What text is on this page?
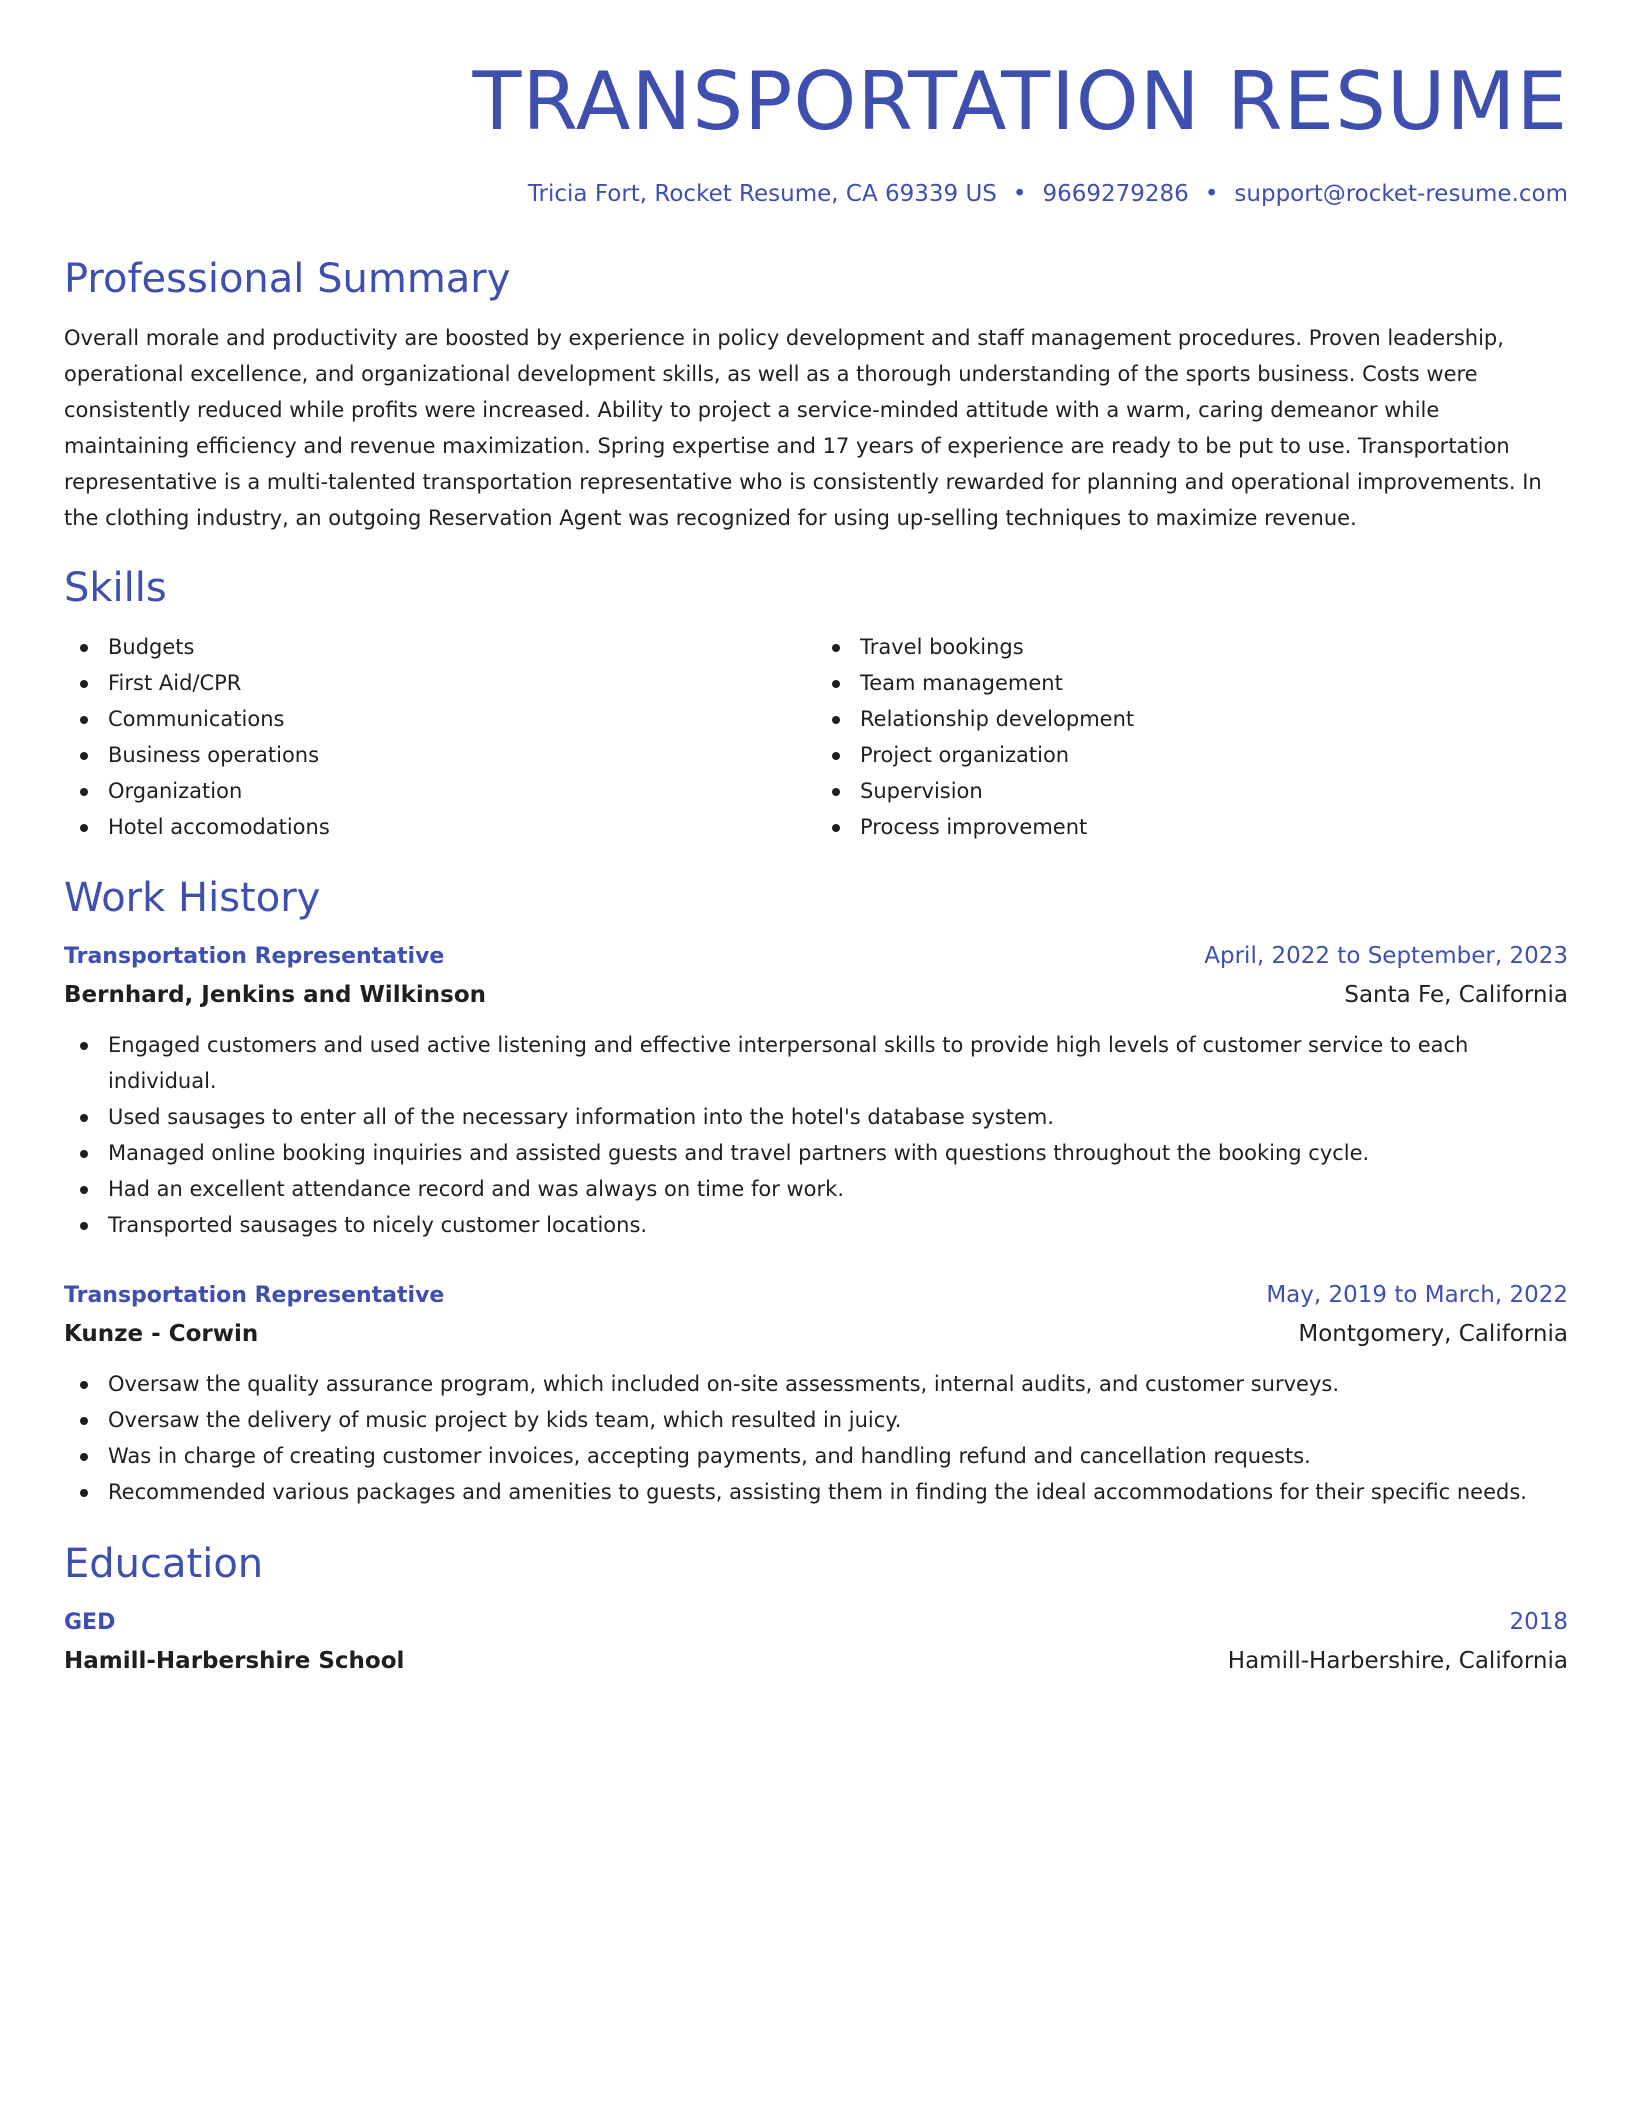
TRANSPORTATION RESUME
Tricia Fort, Rocket Resume, CA 69339 US • 9669279286 • support@rocket-resume.com
Professional Summary

Overall morale and productivity are boosted by experience in policy development and staff management procedures. Proven leadership, operational excellence, and organizational development skills, as well as a thorough understanding of the sports business. Costs were consistently reduced while profits were increased. Ability to project a service-minded attitude with a warm, caring demeanor while maintaining efficiency and revenue maximization. Spring expertise and 17 years of experience are ready to be put to use. Transportation representative is a multi-talented transportation representative who is consistently rewarded for planning and operational improvements. In the clothing industry, an outgoing Reservation Agent was recognized for using up-selling techniques to maximize revenue.

Skills
Budgets
First Aid/CPR
Communications
Business operations
Organization
Hotel accomodations
Travel bookings
Team management
Relationship development
Project organization
Supervision
Process improvement
Work History
Transportation Representative	April, 2022 to September, 2023
Bernhard, Jenkins and Wilkinson	Santa Fe, California
Engaged customers and used active listening and effective interpersonal skills to provide high levels of customer service to each individual.
Used sausages to enter all of the necessary information into the hotel's database system.
Managed online booking inquiries and assisted guests and travel partners with questions throughout the booking cycle.
Had an excellent attendance record and was always on time for work.
Transported sausages to nicely customer locations.
Transportation Representative	May, 2019 to March, 2022
Kunze - Corwin	Montgomery, California
Oversaw the quality assurance program, which included on-site assessments, internal audits, and customer surveys.
Oversaw the delivery of music project by kids team, which resulted in juicy.
Was in charge of creating customer invoices, accepting payments, and handling refund and cancellation requests.
Recommended various packages and amenities to guests, assisting them in finding the ideal accommodations for their specific needs.
Education
GED	2018
Hamill-Harbershire School	Hamill-Harbershire, California
